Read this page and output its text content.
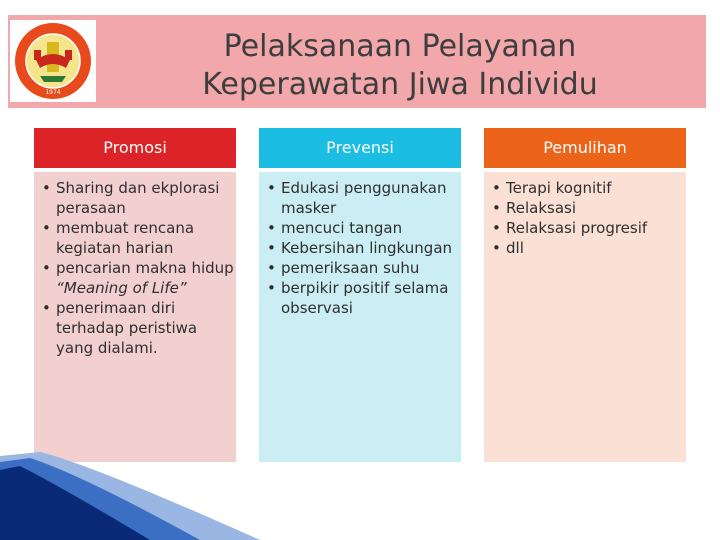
1974
Pelaksanaan Pelayanan
Keperawatan Jiwa Individu
Promosi
• Sharing dan ekplorasi perasaan
• membuat rencana kegiatan harian
• pencarian makna hidup “Meaning of Life”
• penerimaan diri terhadap peristiwa yang dialami.
Prevensi
• Edukasi penggunakan masker
• mencuci tangan
• Kebersihan lingkungan
• pemeriksaan suhu
• berpikir positif selama observasi
Pemulihan
• Terapi kognitif
• Relaksasi
• Relaksasi progresif
• dll
